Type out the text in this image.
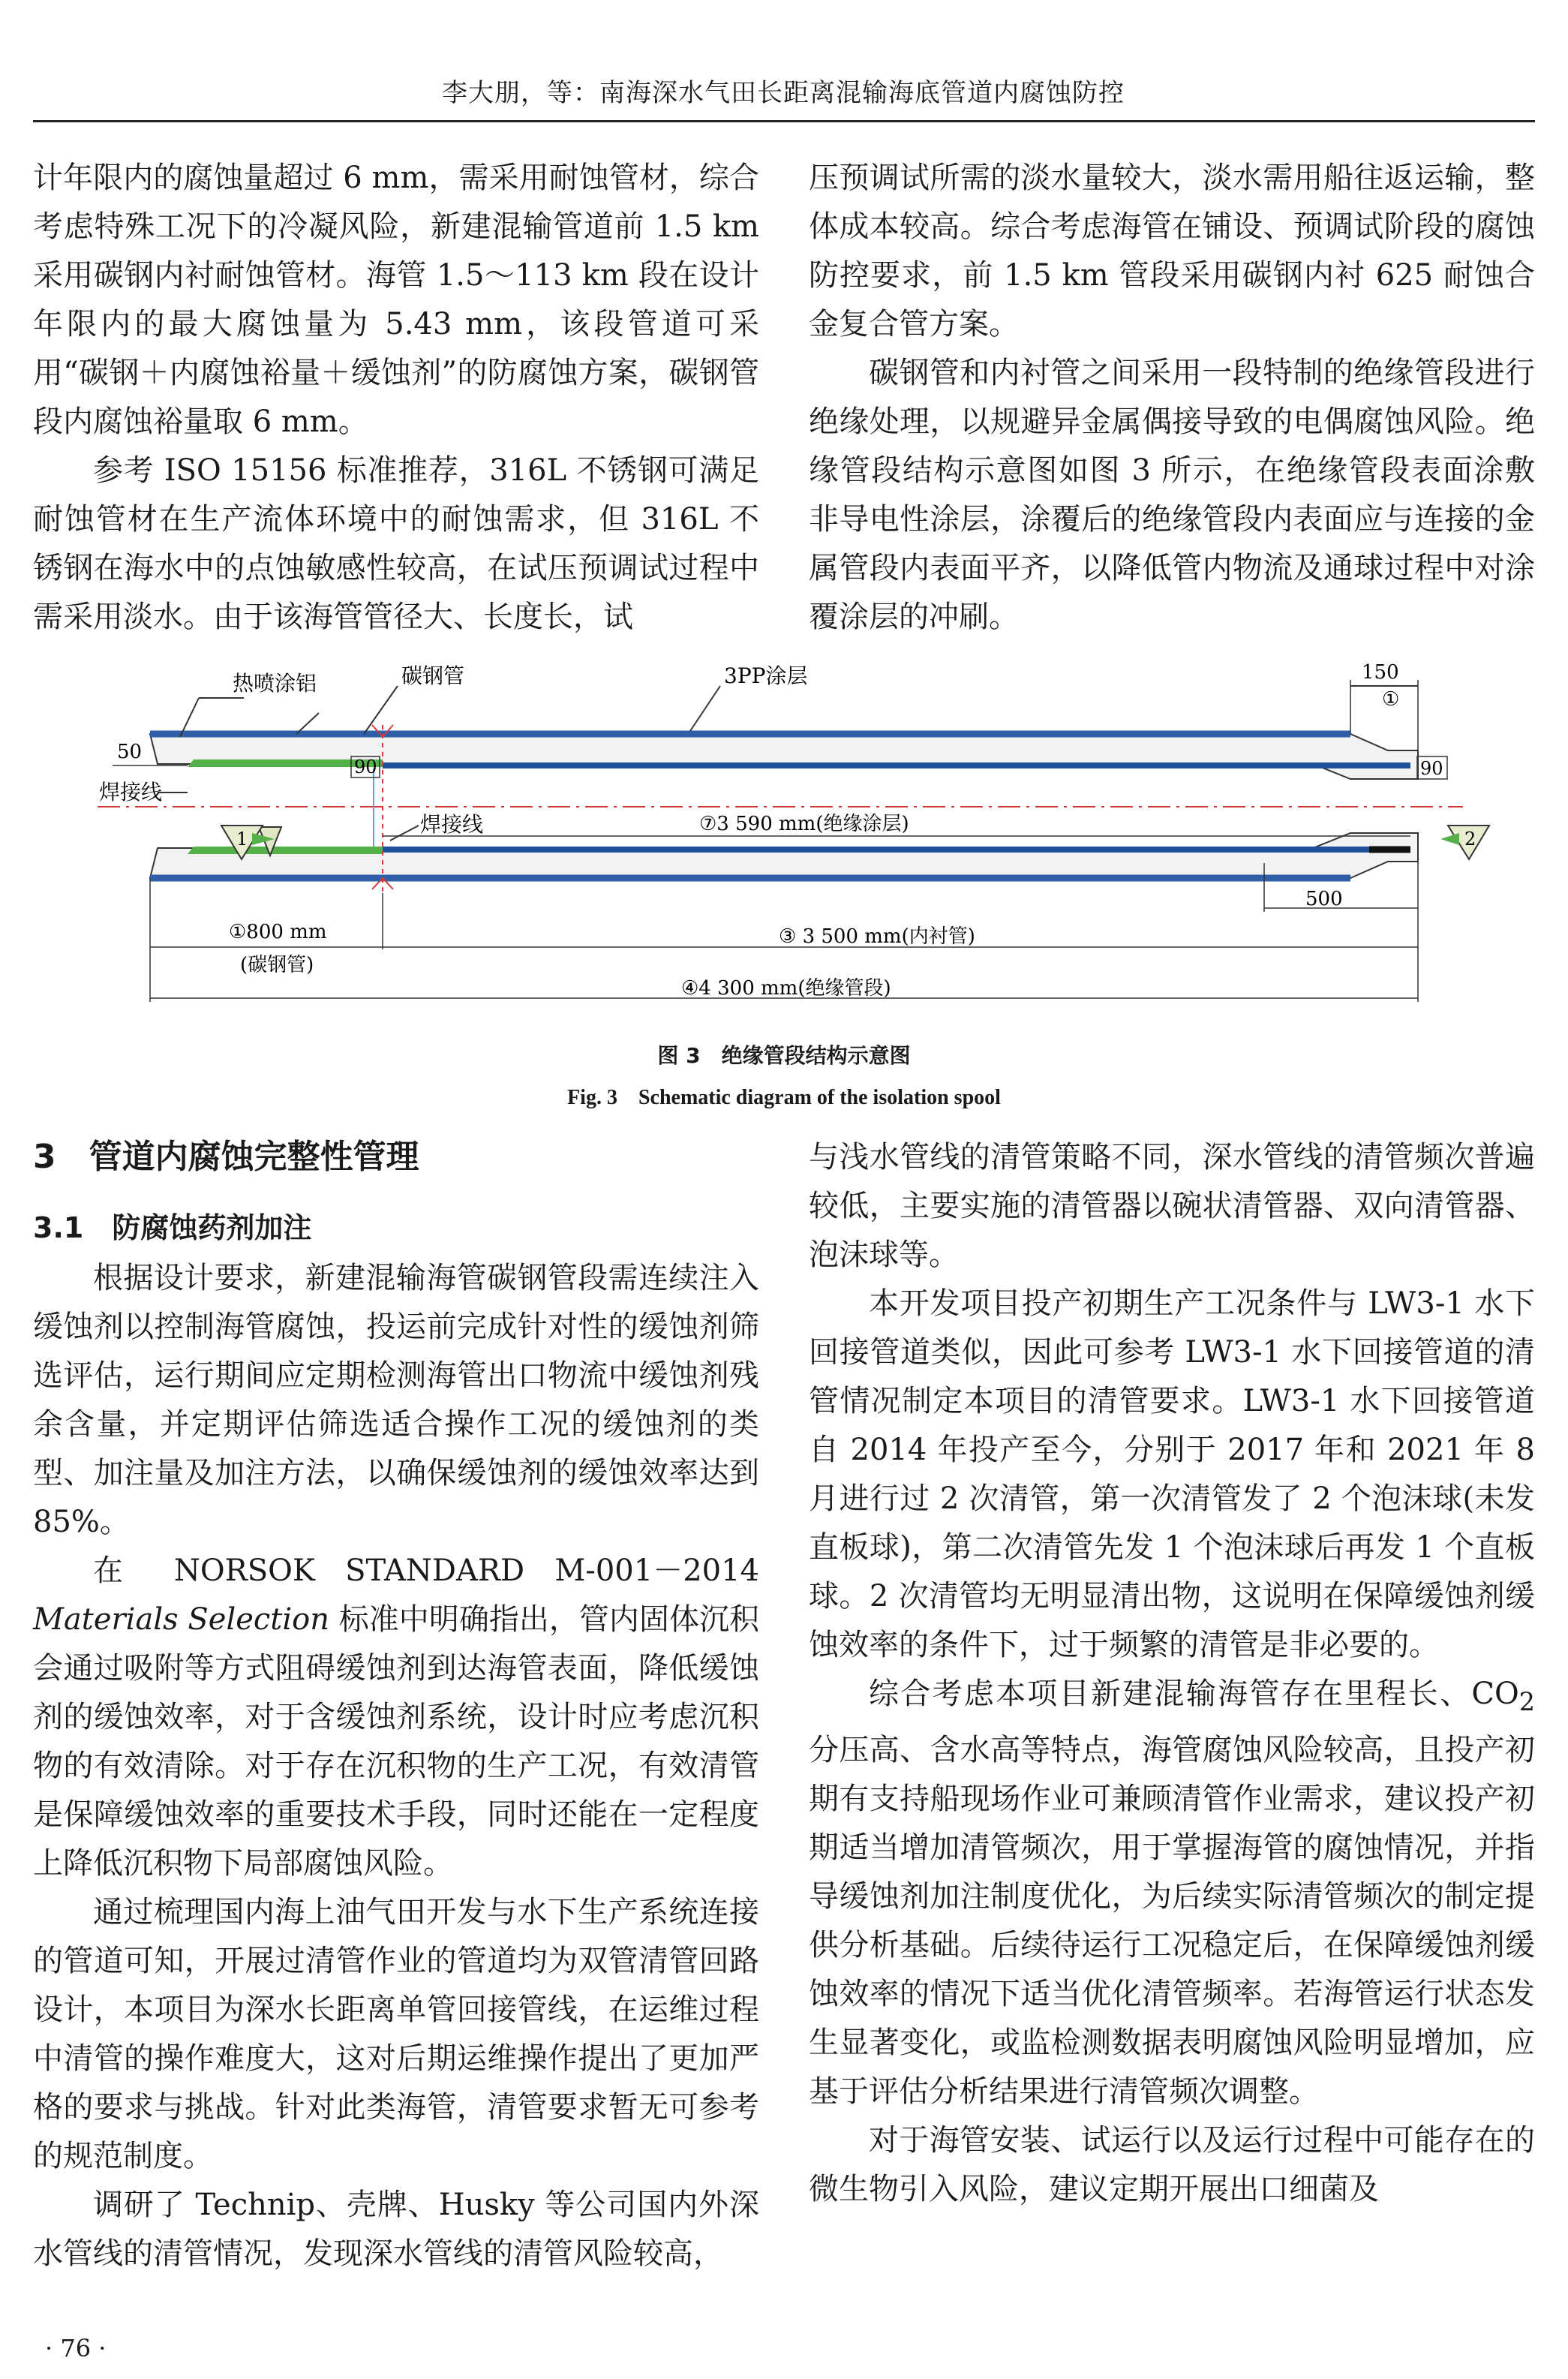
李大朋，等：南海深水气田长距离混输海底管道内腐蚀防控

计年限内的腐蚀量超过 6 mm，需采用耐蚀管材，综合考虑特殊工况下的冷凝风险，新建混输管道前 1.5 km 采用碳钢内衬耐蚀管材。海管 1.5～113 km 段在设计年限内的最大腐蚀量为 5.43 mm，该段管道可采用“碳钢＋内腐蚀裕量＋缓蚀剂”的防腐蚀方案，碳钢管段内腐蚀裕量取 6 mm。

参考 ISO 15156 标准推荐，316L 不锈钢可满足耐蚀管材在生产流体环境中的耐蚀需求，但 316L 不锈钢在海水中的点蚀敏感性较高，在试压预调试过程中需采用淡水。由于该海管管径大、长度长，试

压预调试所需的淡水量较大，淡水需用船往返运输，整体成本较高。综合考虑海管在铺设、预调试阶段的腐蚀防控要求，前 1.5 km 管段采用碳钢内衬 625 耐蚀合金复合管方案。

碳钢管和内衬管之间采用一段特制的绝缘管段进行绝缘处理，以规避异金属偶接导致的电偶腐蚀风险。绝缘管段结构示意图如图 3 所示，在绝缘管段表面涂敷非导电性涂层，涂覆后的绝缘管段内表面应与连接的金属管段内表面平齐，以降低管内物流及通球过程中对涂覆涂层的冲刷。

1	2
热喷涂铝	碳钢管	3PP涂层
焊接线
焊接线
150
①
50
90	90
⑦3 590 mm(绝缘涂层)
500
①800 mm
(碳钢管)
③ 3 500 mm(内衬管)
④4 300 mm(绝缘管段)
图 3　绝缘管段结构示意图
Fig. 3　Schematic diagram of the isolation spool

3　管道内腐蚀完整性管理

3.1　防腐蚀药剂加注

根据设计要求，新建混输海管碳钢管段需连续注入缓蚀剂以控制海管腐蚀，投运前完成针对性的缓蚀剂筛选评估，运行期间应定期检测海管出口物流中缓蚀剂残余含量，并定期评估筛选适合操作工况的缓蚀剂的类型、加注量及加注方法，以确保缓蚀剂的缓蚀效率达到 85%。

在 NORSOK STANDARD M-001－2014 Materials Selection 标准中明确指出，管内固体沉积会通过吸附等方式阻碍缓蚀剂到达海管表面，降低缓蚀剂的缓蚀效率，对于含缓蚀剂系统，设计时应考虑沉积物的有效清除。对于存在沉积物的生产工况，有效清管是保障缓蚀效率的重要技术手段，同时还能在一定程度上降低沉积物下局部腐蚀风险。

通过梳理国内海上油气田开发与水下生产系统连接的管道可知，开展过清管作业的管道均为双管清管回路设计，本项目为深水长距离单管回接管线，在运维过程中清管的操作难度大，这对后期运维操作提出了更加严格的要求与挑战。针对此类海管，清管要求暂无可参考的规范制度。

调研了 Technip、壳牌、Husky 等公司国内外深水管线的清管情况，发现深水管线的清管风险较高，

与浅水管线的清管策略不同，深水管线的清管频次普遍较低，主要实施的清管器以碗状清管器、双向清管器、泡沫球等。

本开发项目投产初期生产工况条件与 LW3-1 水下回接管道类似，因此可参考 LW3-1 水下回接管道的清管情况制定本项目的清管要求。LW3-1 水下回接管道自 2014 年投产至今，分别于 2017 年和 2021 年 8 月进行过 2 次清管，第一次清管发了 2 个泡沫球(未发直板球)，第二次清管先发 1 个泡沫球后再发 1 个直板球。2 次清管均无明显清出物，这说明在保障缓蚀剂缓蚀效率的条件下，过于频繁的清管是非必要的。

综合考虑本项目新建混输海管存在里程长、$CO_2$ 分压高、含水高等特点，海管腐蚀风险较高，且投产初期有支持船现场作业可兼顾清管作业需求，建议投产初期适当增加清管频次，用于掌握海管的腐蚀情况，并指导缓蚀剂加注制度优化，为后续实际清管频次的制定提供分析基础。后续待运行工况稳定后，在保障缓蚀剂缓蚀效率的情况下适当优化清管频率。若海管运行状态发生显著变化，或监检测数据表明腐蚀风险明显增加，应基于评估分析结果进行清管频次调整。

对于海管安装、试运行以及运行过程中可能存在的微生物引入风险，建议定期开展出口细菌及

· 76 ·
